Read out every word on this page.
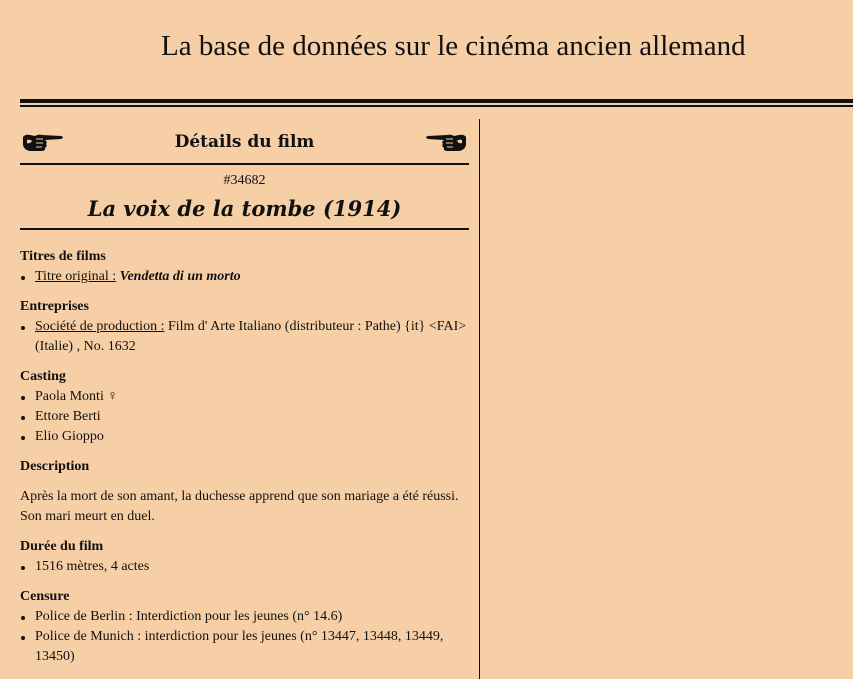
La base de données sur le cinéma ancien allemand
Détails du film
#34682
La voix de la tombe (1914)
Titres de films
Titre original : Vendetta di un morto
Entreprises
Société de production : Film d' Arte Italiano (distributeur : Pathe) {it} <FAI> (Italie) , No. 1632
Casting
Paola Monti ♀
Ettore Berti
Elio Gioppo
Description

Après la mort de son amant, la duchesse apprend que son mariage a été réussi. Son mari meurt en duel.

Durée du film
1516 mètres, 4 actes
Censure
Police de Berlin : Interdiction pour les jeunes (n° 14.6)
Police de Munich : interdiction pour les jeunes (n° 13447, 13448, 13449, 13450)
